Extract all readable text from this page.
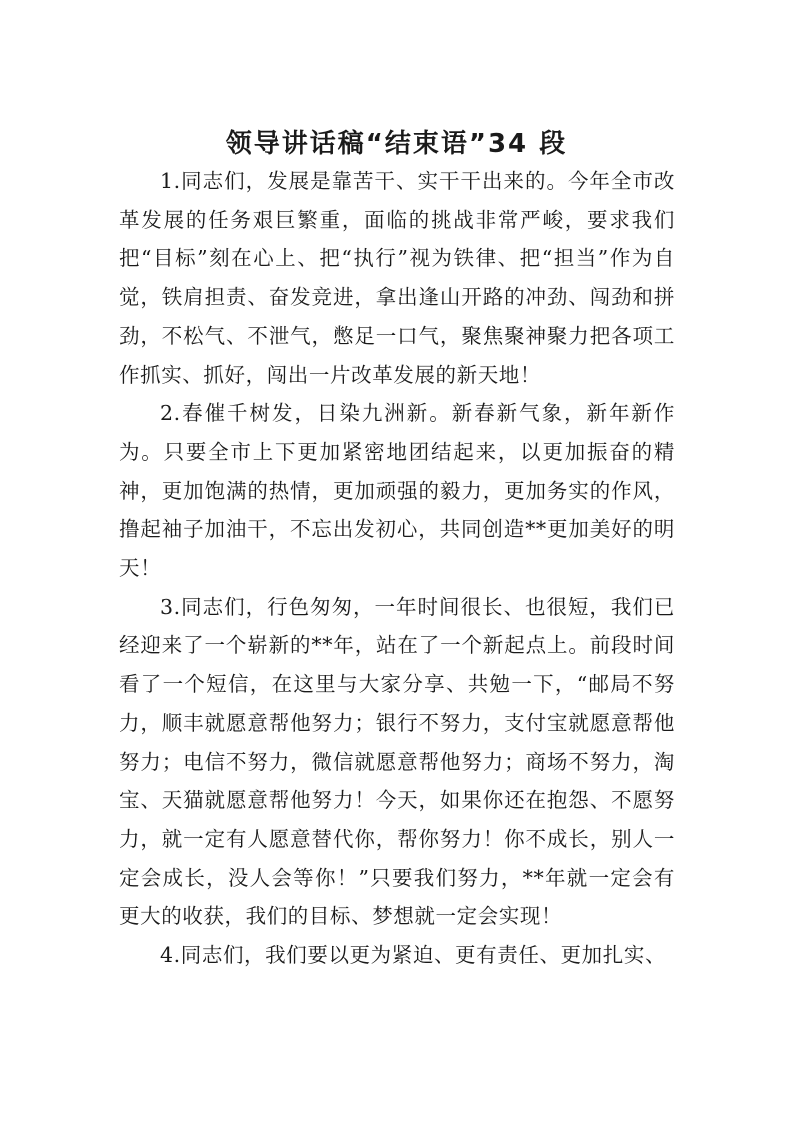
领导讲话稿“结束语”34 段

1.同志们，发展是靠苦干、实干干出来的。今年全市改革发展的任务艰巨繁重，面临的挑战非常严峻，要求我们把“目标”刻在心上、把“执行”视为铁律、把“担当”作为自觉，铁肩担责、奋发竞进，拿出逢山开路的冲劲、闯劲和拼劲，不松气、不泄气，憋足一口气，聚焦聚神聚力把各项工作抓实、抓好，闯出一片改革发展的新天地！

2.春催千树发，日染九洲新。新春新气象，新年新作为。只要全市上下更加紧密地团结起来，以更加振奋的精神，更加饱满的热情，更加顽强的毅力，更加务实的作风，撸起袖子加油干，不忘出发初心，共同创造**更加美好的明天！

3.同志们，行色匆匆，一年时间很长、也很短，我们已经迎来了一个崭新的**年，站在了一个新起点上。前段时间看了一个短信，在这里与大家分享、共勉一下，“邮局不努力，顺丰就愿意帮他努力；银行不努力，支付宝就愿意帮他努力；电信不努力，微信就愿意帮他努力；商场不努力，淘宝、天猫就愿意帮他努力！今天，如果你还在抱怨、不愿努力，就一定有人愿意替代你，帮你努力！你不成长，别人一定会成长，没人会等你！”只要我们努力，**年就一定会有更大的收获，我们的目标、梦想就一定会实现！

4.同志们，我们要以更为紧迫、更有责任、更加扎实、
